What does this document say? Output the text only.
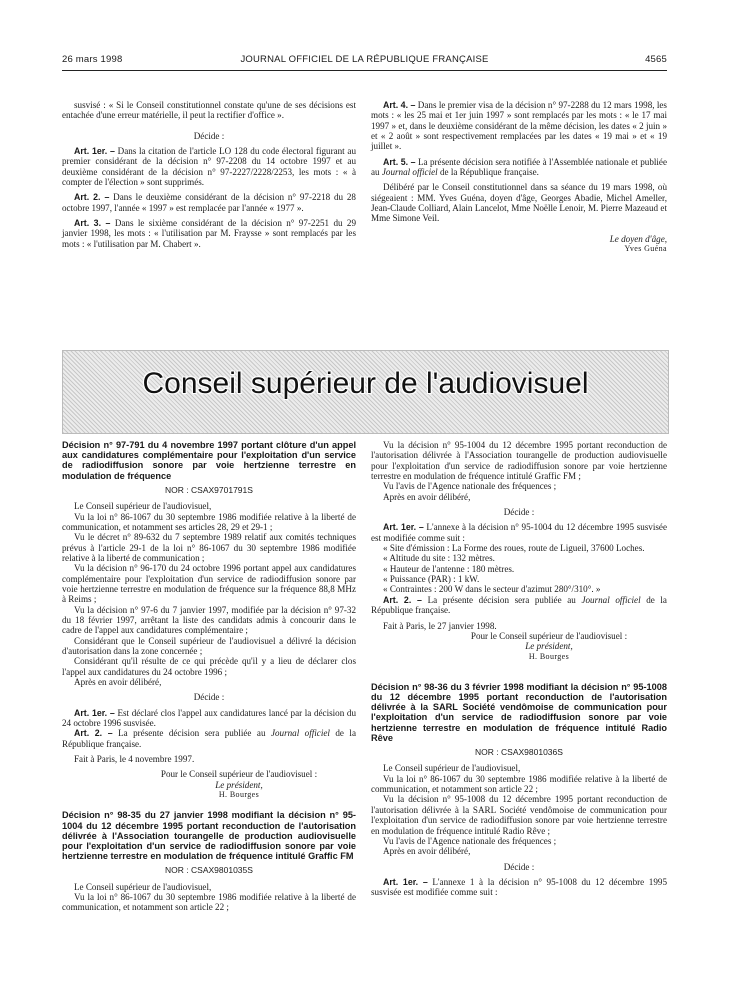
26 mars 1998	JOURNAL OFFICIEL DE LA RÉPUBLIQUE FRANÇAISE	4565

susvisé : « Si le Conseil constitutionnel constate qu'une de ses décisions est entachée d'une erreur matérielle, il peut la rectifier d'office ».

Décide :

Art. 1er. – Dans la citation de l'article LO 128 du code électoral figurant au premier considérant de la décision n° 97-2208 du 14 octobre 1997 et au deuxième considérant de la décision n° 97-2227/2228/2253, les mots : « à compter de l'élection » sont supprimés.

Art. 2. – Dans le deuxième considérant de la décision n° 97-2218 du 28 octobre 1997, l'année « 1997 » est remplacée par l'année « 1977 ».

Art. 3. – Dans le sixième considérant de la décision n° 97-2251 du 29 janvier 1998, les mots : « l'utilisation par M. Fraysse » sont remplacés par les mots : « l'utilisation par M. Chabert ».

Art. 4. – Dans le premier visa de la décision n° 97-2288 du 12 mars 1998, les mots : « les 25 mai et 1er juin 1997 » sont remplacés par les mots : « le 17 mai 1997 » et, dans le deuxième considérant de la même décision, les dates « 2 juin » et « 2 août » sont respectivement remplacées par les dates « 19 mai » et « 19 juillet ».

Art. 5. – La présente décision sera notifiée à l'Assemblée nationale et publiée au Journal officiel de la République française.

Délibéré par le Conseil constitutionnel dans sa séance du 19 mars 1998, où siégeaient : MM. Yves Guéna, doyen d'âge, Georges Abadie, Michel Ameller, Jean-Claude Colliard, Alain Lancelot, Mme Noëlle Lenoir, M. Pierre Mazeaud et Mme Simone Veil.

Le doyen d'âge,

Yves Guéna

Conseil supérieur de l'audiovisuel
Décision n° 97-791 du 4 novembre 1997 portant clôture d'un appel aux candidatures complémentaire pour l'exploitation d'un service de radiodiffusion sonore par voie hertzienne terrestre en modulation de fréquence
NOR : CSAX9701791S

Le Conseil supérieur de l'audiovisuel,

Vu la loi n° 86-1067 du 30 septembre 1986 modifiée relative à la liberté de communication, et notamment ses articles 28, 29 et 29-1 ;

Vu le décret n° 89-632 du 7 septembre 1989 relatif aux comités techniques prévus à l'article 29-1 de la loi n° 86-1067 du 30 septembre 1986 modifiée relative à la liberté de communication ;

Vu la décision n° 96-170 du 24 octobre 1996 portant appel aux candidatures complémentaire pour l'exploitation d'un service de radiodiffusion sonore par voie hertzienne terrestre en modulation de fréquence sur la fréquence 88,8 MHz à Reims ;

Vu la décision n° 97-6 du 7 janvier 1997, modifiée par la décision n° 97-32 du 18 février 1997, arrêtant la liste des candidats admis à concourir dans le cadre de l'appel aux candidatures complémentaire ;

Considérant que le Conseil supérieur de l'audiovisuel a délivré la décision d'autorisation dans la zone concernée ;

Considérant qu'il résulte de ce qui précède qu'il y a lieu de déclarer clos l'appel aux candidatures du 24 octobre 1996 ;

Après en avoir délibéré,

Décide :

Art. 1er. – Est déclaré clos l'appel aux candidatures lancé par la décision du 24 octobre 1996 susvisée.

Art. 2. – La présente décision sera publiée au Journal officiel de la République française.

Fait à Paris, le 4 novembre 1997.

Pour le Conseil supérieur de l'audiovisuel :

Le président,

H. Bourges

Décision n° 98-35 du 27 janvier 1998 modifiant la décision n° 95-1004 du 12 décembre 1995 portant reconduction de l'autorisation délivrée à l'Association tourangelle de production audiovisuelle pour l'exploitation d'un service de radiodiffusion sonore par voie hertzienne terrestre en modulation de fréquence intitulé Graffic FM
NOR : CSAX9801035S

Le Conseil supérieur de l'audiovisuel,

Vu la loi n° 86-1067 du 30 septembre 1986 modifiée relative à la liberté de communication, et notamment son article 22 ;

Vu la décision n° 95-1004 du 12 décembre 1995 portant reconduction de l'autorisation délivrée à l'Association tourangelle de production audiovisuelle pour l'exploitation d'un service de radiodiffusion sonore par voie hertzienne terrestre en modulation de fréquence intitulé Graffic FM ;

Vu l'avis de l'Agence nationale des fréquences ;

Après en avoir délibéré,

Décide :

Art. 1er. – L'annexe à la décision n° 95-1004 du 12 décembre 1995 susvisée est modifiée comme suit :

« Site d'émission : La Forme des roues, route de Ligueil, 37600 Loches.

« Altitude du site : 132 mètres.

« Hauteur de l'antenne : 180 mètres.

« Puissance (PAR) : 1 kW.

« Contraintes : 200 W dans le secteur d'azimut 280°/310°. »

Art. 2. – La présente décision sera publiée au Journal officiel de la République française.

Fait à Paris, le 27 janvier 1998.

Pour le Conseil supérieur de l'audiovisuel :

Le président,

H. Bourges

Décision n° 98-36 du 3 février 1998 modifiant la décision n° 95-1008 du 12 décembre 1995 portant reconduction de l'autorisation délivrée à la SARL Société vendômoise de communication pour l'exploitation d'un service de radiodiffusion sonore par voie hertzienne terrestre en modulation de fréquence intitulé Radio Rêve
NOR : CSAX9801036S

Le Conseil supérieur de l'audiovisuel,

Vu la loi n° 86-1067 du 30 septembre 1986 modifiée relative à la liberté de communication, et notamment son article 22 ;

Vu la décision n° 95-1008 du 12 décembre 1995 portant reconduction de l'autorisation délivrée à la SARL Société vendômoise de communication pour l'exploitation d'un service de radiodiffusion sonore par voie hertzienne terrestre en modulation de fréquence intitulé Radio Rêve ;

Vu l'avis de l'Agence nationale des fréquences ;

Après en avoir délibéré,

Décide :

Art. 1er. – L'annexe 1 à la décision n° 95-1008 du 12 décembre 1995 susvisée est modifiée comme suit :
